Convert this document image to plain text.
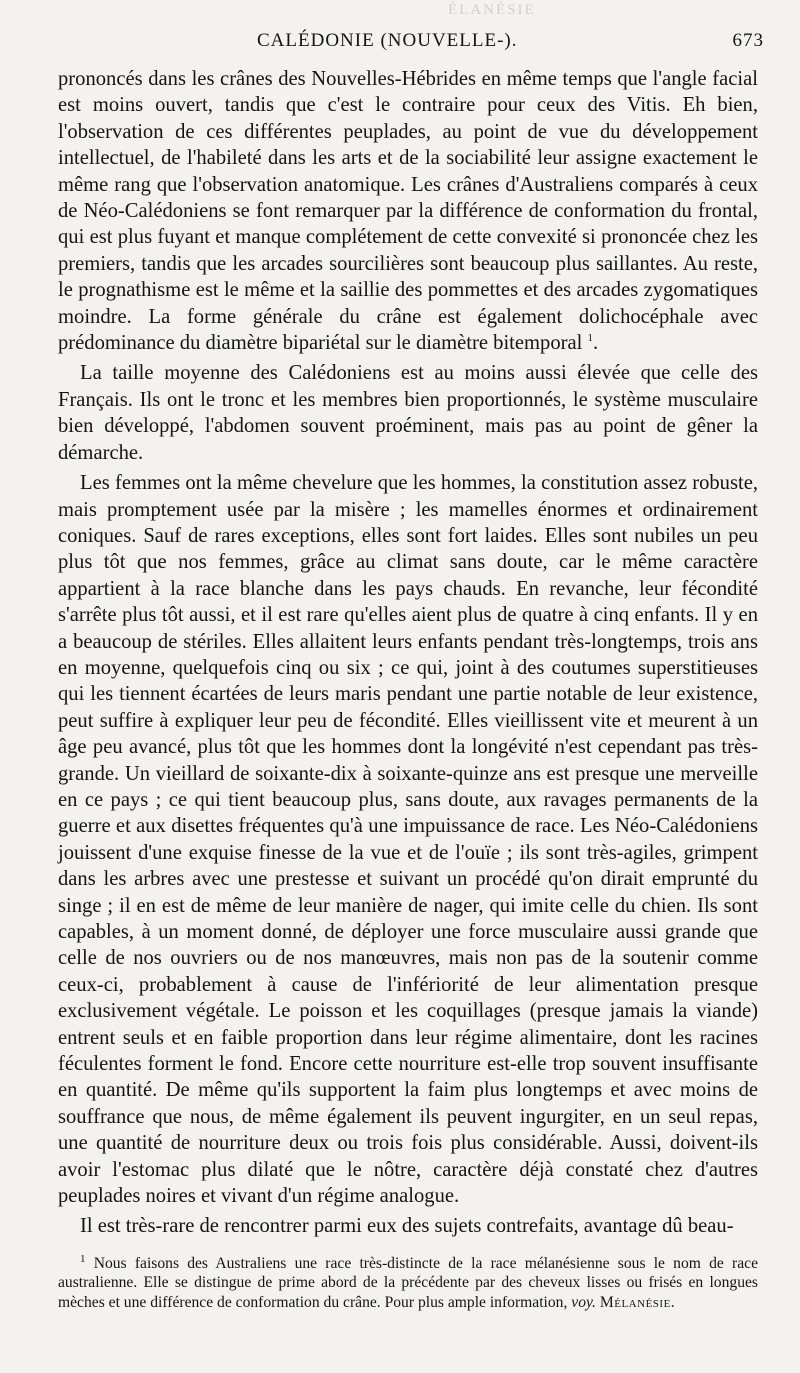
ÉLANÉSIE
CALÉDONIE (NOUVELLE-).	673

prononcés dans les crânes des Nouvelles-Hébrides en même temps que l'angle facial est moins ouvert, tandis que c'est le contraire pour ceux des Vitis. Eh bien, l'observation de ces différentes peuplades, au point de vue du développement intellectuel, de l'habileté dans les arts et de la sociabilité leur assigne exactement le même rang que l'observation anatomique. Les crânes d'Australiens comparés à ceux de Néo-Calédoniens se font remarquer par la différence de conformation du frontal, qui est plus fuyant et manque complétement de cette convexité si prononcée chez les premiers, tandis que les arcades sourcilières sont beaucoup plus saillantes. Au reste, le prognathisme est le même et la saillie des pommettes et des arcades zygomatiques moindre. La forme générale du crâne est également dolichocéphale avec prédominance du diamètre bipariétal sur le diamètre bitemporal $^1$.

La taille moyenne des Calédoniens est au moins aussi élevée que celle des Français. Ils ont le tronc et les membres bien proportionnés, le système musculaire bien développé, l'abdomen souvent proéminent, mais pas au point de gêner la démarche.

Les femmes ont la même chevelure que les hommes, la constitution assez robuste, mais promptement usée par la misère ; les mamelles énormes et ordinairement coniques. Sauf de rares exceptions, elles sont fort laides. Elles sont nubiles un peu plus tôt que nos femmes, grâce au climat sans doute, car le même caractère appartient à la race blanche dans les pays chauds. En revanche, leur fécondité s'arrête plus tôt aussi, et il est rare qu'elles aient plus de quatre à cinq enfants. Il y en a beaucoup de stériles. Elles allaitent leurs enfants pendant très-longtemps, trois ans en moyenne, quelquefois cinq ou six ; ce qui, joint à des coutumes superstitieuses qui les tiennent écartées de leurs maris pendant une partie notable de leur existence, peut suffire à expliquer leur peu de fécondité. Elles vieillissent vite et meurent à un âge peu avancé, plus tôt que les hommes dont la longévité n'est cependant pas très-grande. Un vieillard de soixante-dix à soixante-quinze ans est presque une merveille en ce pays ; ce qui tient beaucoup plus, sans doute, aux ravages permanents de la guerre et aux disettes fréquentes qu'à une impuissance de race. Les Néo-Calédoniens jouissent d'une exquise finesse de la vue et de l'ouïe ; ils sont très-agiles, grimpent dans les arbres avec une prestesse et suivant un procédé qu'on dirait emprunté du singe ; il en est de même de leur manière de nager, qui imite celle du chien. Ils sont capables, à un moment donné, de déployer une force musculaire aussi grande que celle de nos ouvriers ou de nos manœuvres, mais non pas de la soutenir comme ceux-ci, probablement à cause de l'infériorité de leur alimentation presque exclusivement végétale. Le poisson et les coquillages (presque jamais la viande) entrent seuls et en faible proportion dans leur régime alimentaire, dont les racines féculentes forment le fond. Encore cette nourriture est-elle trop souvent insuffisante en quantité. De même qu'ils supportent la faim plus longtemps et avec moins de souffrance que nous, de même également ils peuvent ingurgiter, en un seul repas, une quantité de nourriture deux ou trois fois plus considérable. Aussi, doivent-ils avoir l'estomac plus dilaté que le nôtre, caractère déjà constaté chez d'autres peuplades noires et vivant d'un régime analogue.

Il est très-rare de rencontrer parmi eux des sujets contrefaits, avantage dû beau-

$^1$ Nous faisons des Australiens une race très-distincte de la race mélanésienne sous le nom de race australienne. Elle se distingue de prime abord de la précédente par des cheveux lisses ou frisés en longues mèches et une différence de conformation du crâne. Pour plus ample information, voy. Mélanésie.
